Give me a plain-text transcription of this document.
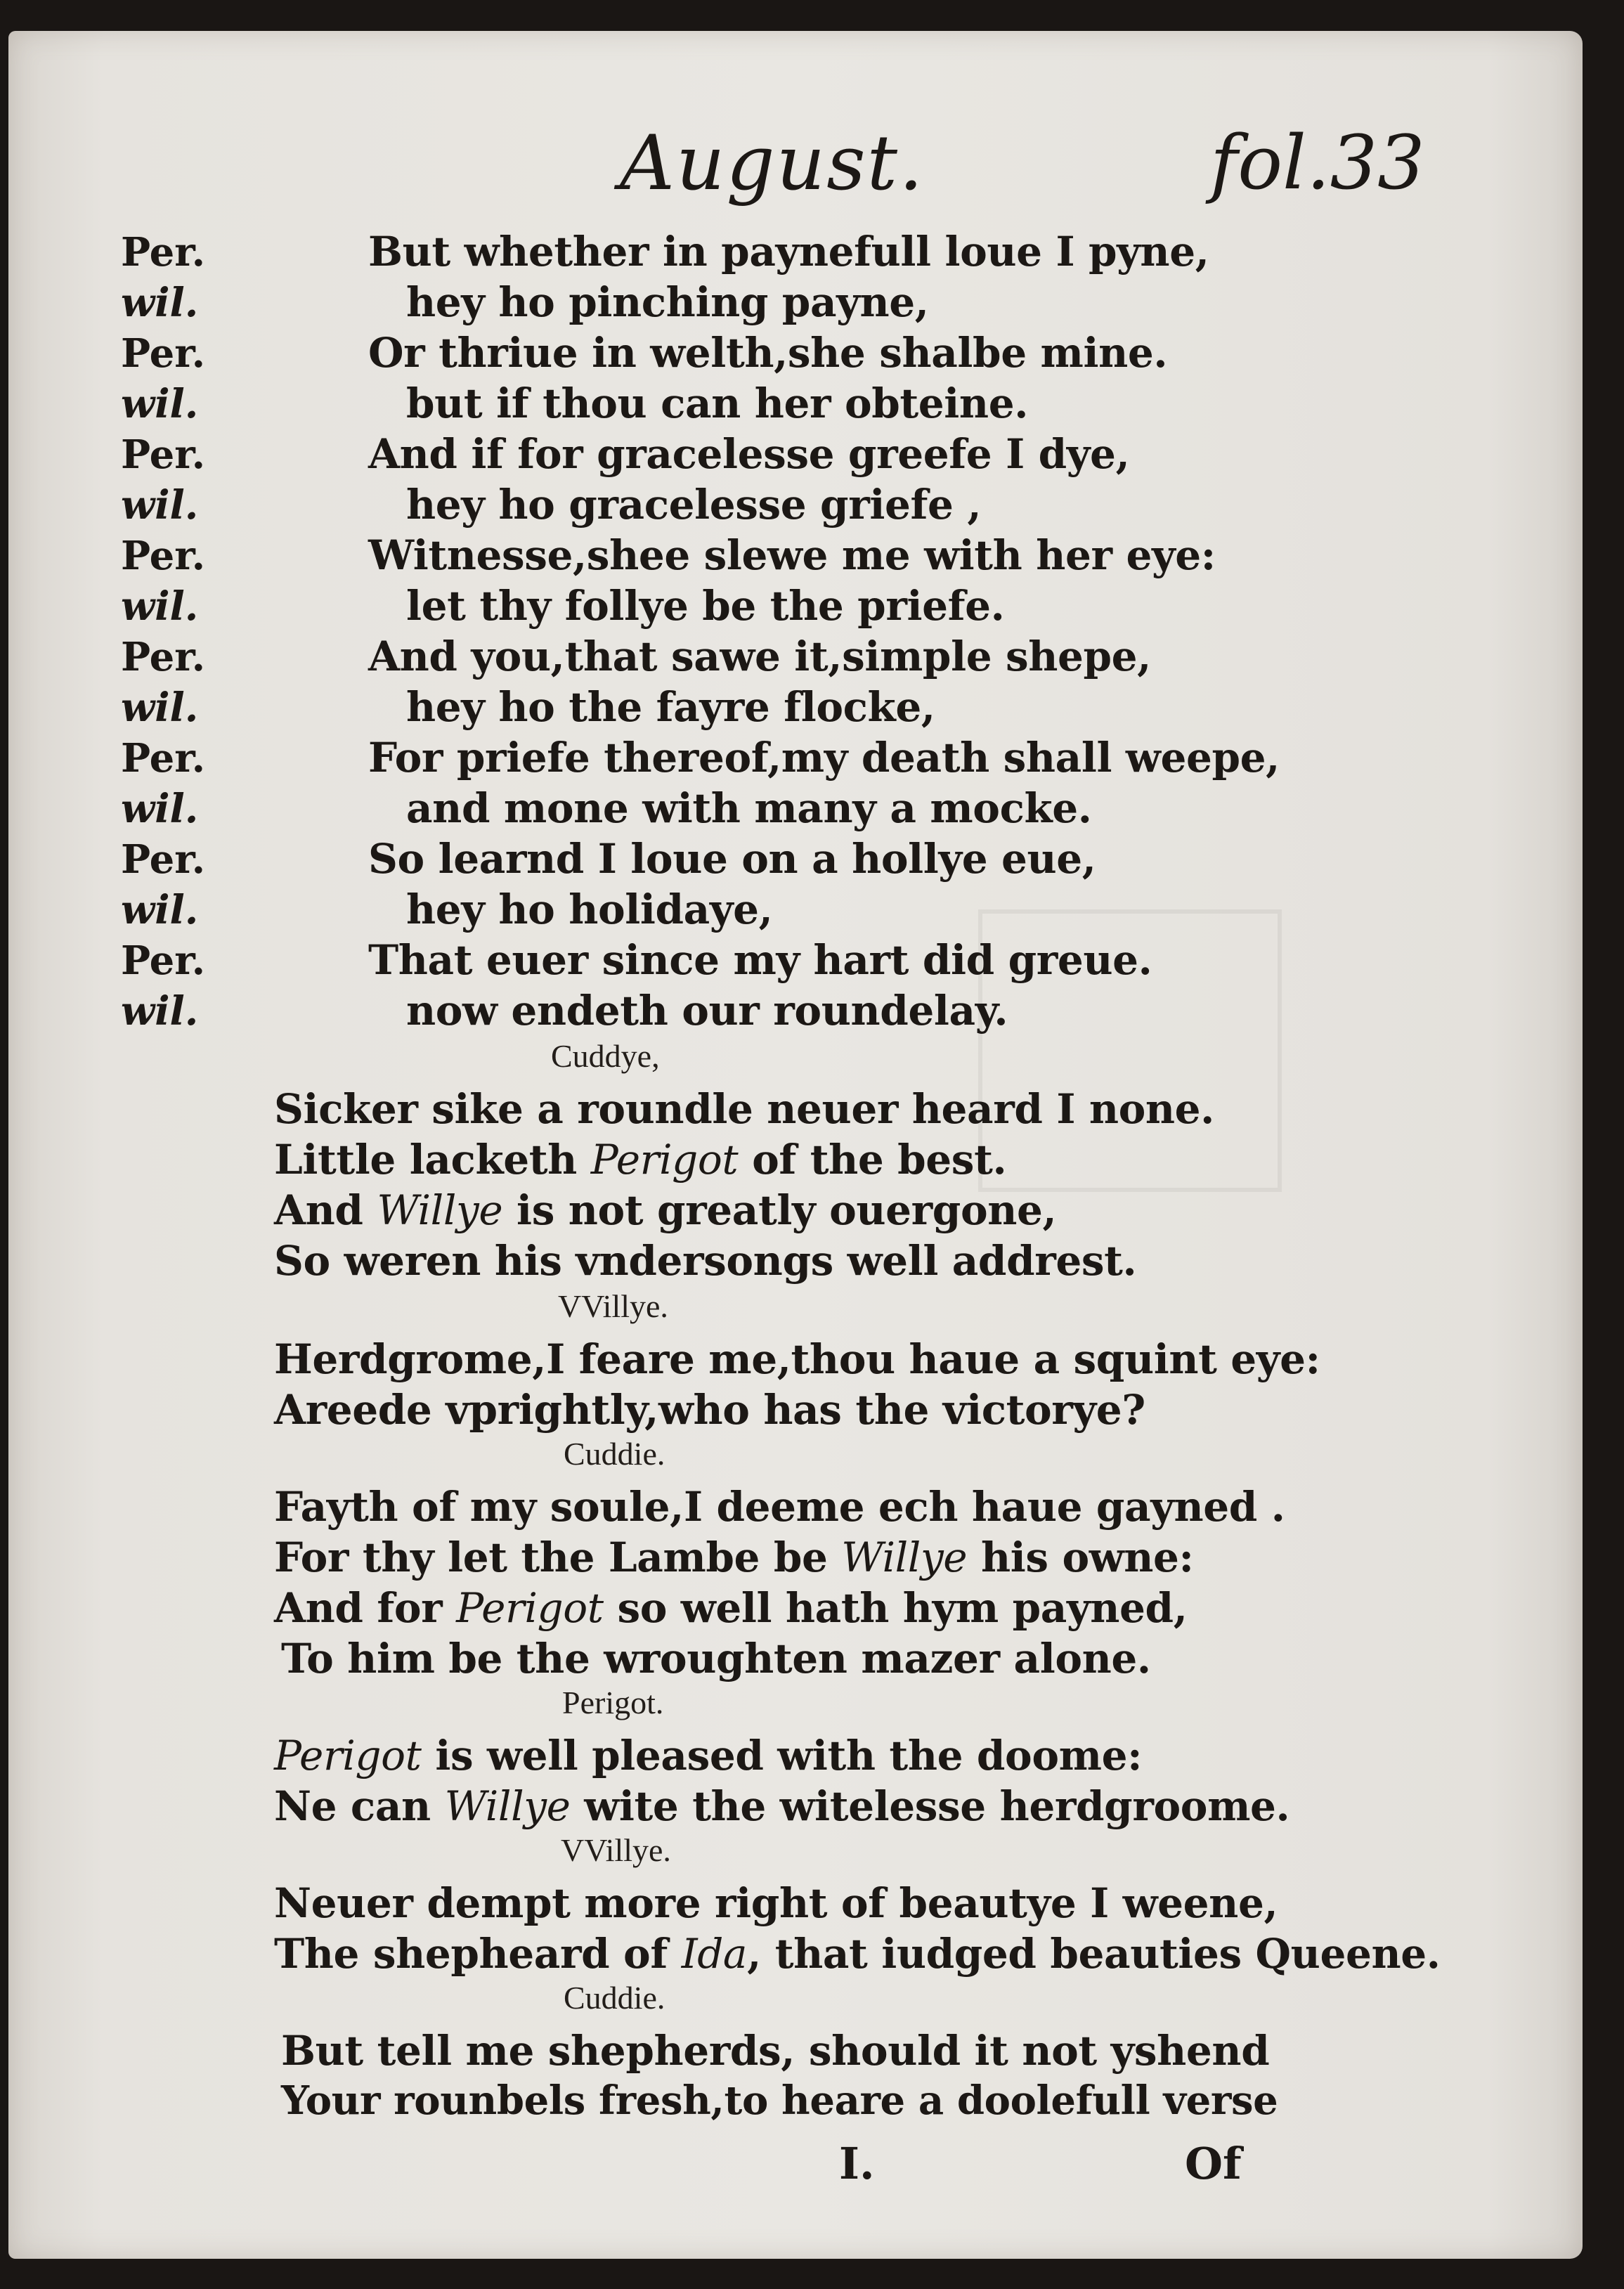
August.	fol.33
Per.
wil.
Per.
wil.
Per.
wil.
Per.
wil.
Per.
wil.
Per.
wil.
Per.
wil.
Per.
wil.
But whether in paynefull loue I pyne,
hey ho pinching payne,
Or thriue in welth,she shalbe mine.
but if thou can her obteine.
And if for gracelesse greefe I dye,
hey ho gracelesse griefe ,
Witnesse,shee slewe me with her eye:
let thy follye be the priefe.
And you,that sawe it,simple shepe,
hey ho the fayre flocke,
For priefe thereof,my death shall weepe,
and mone with many a mocke.
So learnd I loue on a hollye eue,
hey ho holidaye,
That euer since my hart did greue.
now endeth our roundelay.
Cuddye,
Sicker sike a roundle neuer heard I none.
Little lacketh Perigot of the best.
And Willye is not greatly ouergone,
So weren his vndersongs well addrest.
VVillye.
Herdgrome,I feare me,thou haue a squint eye:
Areede vprightly,who has the victorye?
Cuddie.
Fayth of my soule,I deeme ech haue gayned .
For thy let the Lambe be Willye his owne:
And for Perigot so well hath hym payned,
To him be the wroughten mazer alone.
Perigot.
Perigot is well pleased with the doome:
Ne can Willye wite the witelesse herdgroome.
VVillye.
Neuer dempt more right of beautye I weene,
The shepheard of Ida, that iudged beauties Queene.
Cuddie.
But tell me shepherds, should it not yshend
Your rounbels fresh,to heare a doolefull verse
I.	Of
